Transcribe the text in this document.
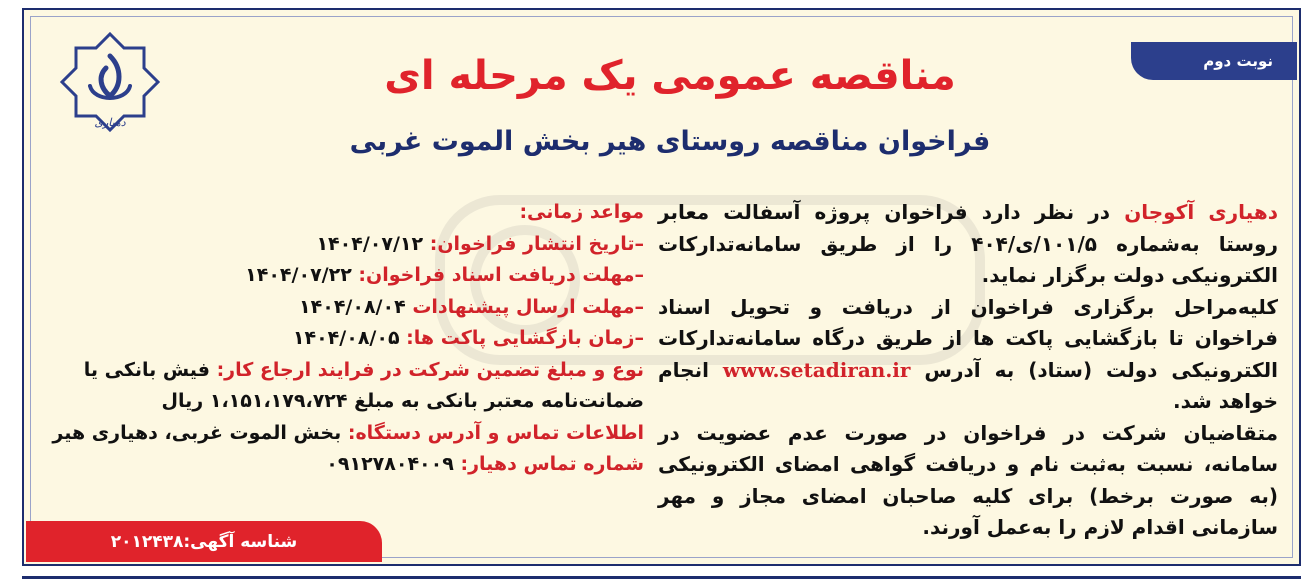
نوبت دوم
دهیاری
مناقصه عمومی یک مرحله ای
فراخوان مناقصه روستای هیر بخش الموت غربی
دهیاری آکوجان در نظر دارد فراخوان پروژه آسفالت معابر روستا به‌شماره ۱۰۱/۵/ی/۴۰۴ را از طریق سامانه‌تدارکات الکترونیکی دولت برگزار نماید.
کلیه‌مراحل برگزاری فراخوان از دریافت و تحویل اسناد فراخوان تا بازگشایی پاکت ها از طریق درگاه سامانه‌تدارکات الکترونیکی دولت (ستاد) به آدرس www.setadiran.ir انجام خواهد شد.
متقاضیان شرکت در فراخوان در صورت عدم عضویت در سامانه، نسبت به‌ثبت نام و دریافت گواهی امضای الکترونیکی (به صورت برخط) برای کلیه صاحبان امضای مجاز و مهر سازمانی اقدام لازم را به‌عمل آورند.
مواعد زمانی:
–تاریخ انتشار فراخوان: ۱۴۰۴/۰۷/۱۲
–مهلت دریافت اسناد فراخوان: ۱۴۰۴/۰۷/۲۲
–مهلت ارسال پیشنهادات ۱۴۰۴/۰۸/۰۴
–زمان بازگشایی پاکت ها: ۱۴۰۴/۰۸/۰۵
نوع و مبلغ تضمین شرکت در فرایند ارجاع کار: فیش بانکی یا ضمانت‌نامه معتبر بانکی به مبلغ ۱،۱۵۱،۱۷۹،۷۲۴ ریال
اطلاعات تماس و آدرس دستگاه: بخش الموت غربی، دهیاری هیر
شماره تماس دهیار: ۰۹۱۲۷۸۰۴۰۰۹
شناسه آگهی:
۲۰۱۲۴۳۸
